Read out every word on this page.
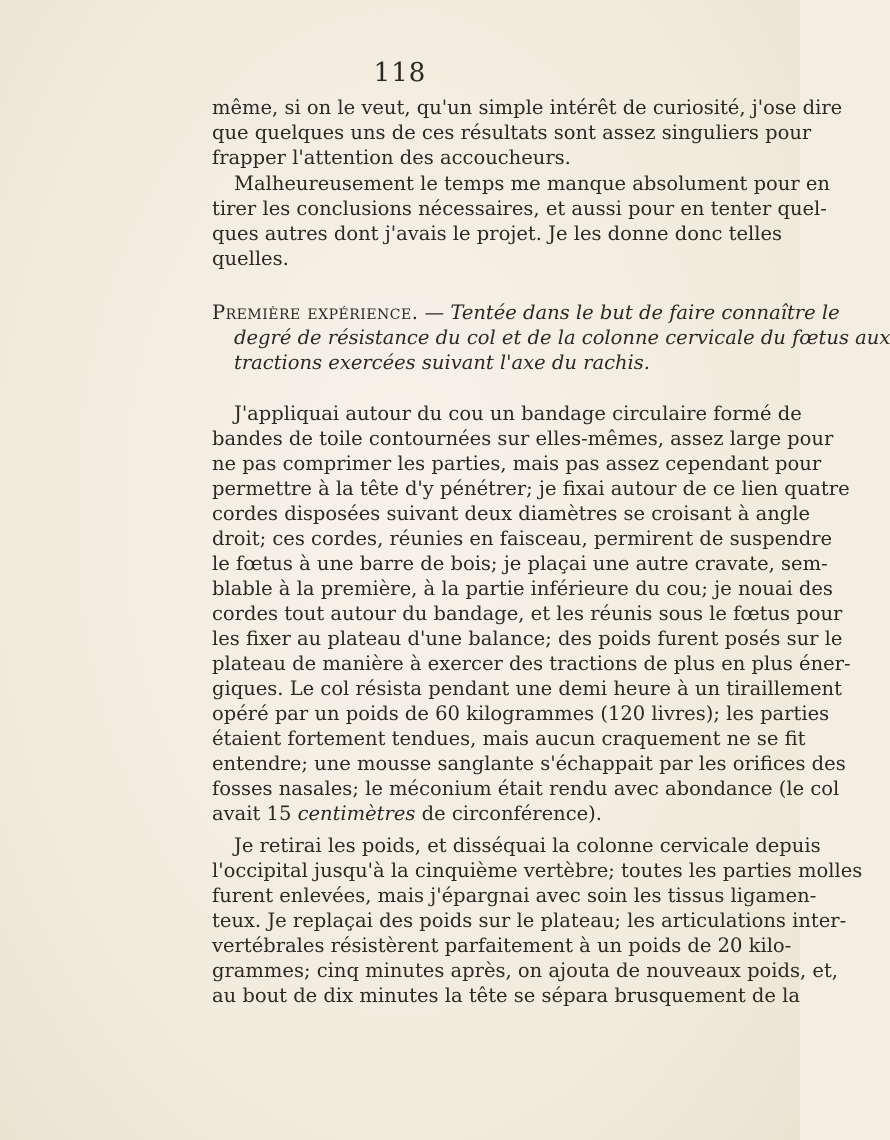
118
même, si on le veut, qu'un simple intérêt de curiosité, j'ose dire
que quelques uns de ces résultats sont assez singuliers pour
frapper l'attention des accoucheurs.
Malheureusement le temps me manque absolument pour en
tirer les conclusions nécessaires, et aussi pour en tenter quel-
ques autres dont j'avais le projet. Je les donne donc telles
quelles.
Première expérience. — Tentée dans le but de faire connaître le
degré de résistance du col et de la colonne cervicale du fœtus aux
tractions exercées suivant l'axe du rachis.
J'appliquai autour du cou un bandage circulaire formé de
bandes de toile contournées sur elles-mêmes, assez large pour
ne pas comprimer les parties, mais pas assez cependant pour
permettre à la tête d'y pénétrer; je fixai autour de ce lien quatre
cordes disposées suivant deux diamètres se croisant à angle
droit; ces cordes, réunies en faisceau, permirent de suspendre
le fœtus à une barre de bois; je plaçai une autre cravate, sem-
blable à la première, à la partie inférieure du cou; je nouai des
cordes tout autour du bandage, et les réunis sous le fœtus pour
les fixer au plateau d'une balance; des poids furent posés sur le
plateau de manière à exercer des tractions de plus en plus éner-
giques. Le col résista pendant une demi heure à un tiraillement
opéré par un poids de 60 kilogrammes (120 livres); les parties
étaient fortement tendues, mais aucun craquement ne se fit
entendre; une mousse sanglante s'échappait par les orifices des
fosses nasales; le méconium était rendu avec abondance (le col
avait 15 centimètres de circonférence).
Je retirai les poids, et disséquai la colonne cervicale depuis
l'occipital jusqu'à la cinquième vertèbre; toutes les parties molles
furent enlevées, mais j'épargnai avec soin les tissus ligamen-
teux. Je replaçai des poids sur le plateau; les articulations inter-
vertébrales résistèrent parfaitement à un poids de 20 kilo-
grammes; cinq minutes après, on ajouta de nouveaux poids, et,
au bout de dix minutes la tête se sépara brusquement de la
